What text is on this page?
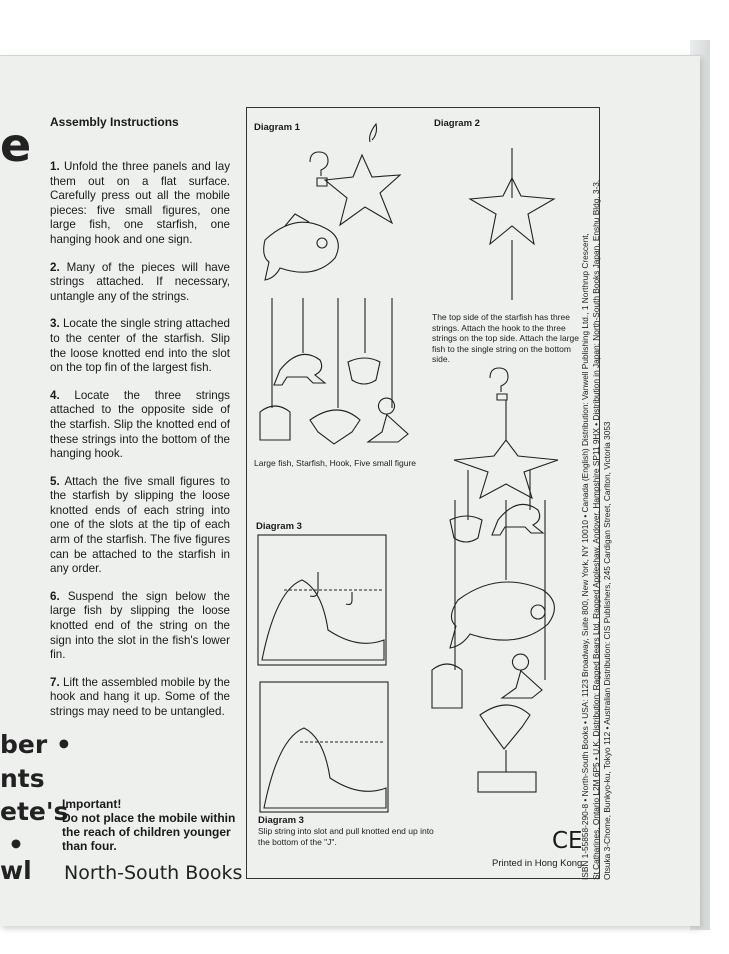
e
ber •
nts
ete's
•
wl
Assembly Instructions

1. Unfold the three panels and lay them out on a flat surface. Carefully press out all the mobile pieces: five small figures, one large fish, one starfish, one hanging hook and one sign.

2. Many of the pieces will have strings attached. If necessary, untangle any of the strings.

3. Locate the single string attached to the center of the starfish. Slip the loose knotted end into the slot on the top fin of the largest fish.

4. Locate the three strings attached to the opposite side of the starfish. Slip the knotted end of these strings into the bottom of the hanging hook.

5. Attach the five small figures to the starfish by slipping the loose knotted ends of each string into one of the slots at the tip of each arm of the starfish. The five figures can be attached to the starfish in any order.

6. Suspend the sign below the large fish by slipping the loose knotted end of the string on the sign into the slot in the fish's lower fin.

7. Lift the assembled mobile by the hook and hang it up. Some of the strings may need to be untangled.

Important!
Do not place the mobile within the reach of children younger than four.
North-South Books
Diagram 1	Diagram 2
Large fish, Starfish, Hook, Five small figure
The top side of the starfish has three strings. Attach the hook to the three strings on the top side. Attach the large fish to the single string on the bottom side.
Diagram 3
Diagram 3
Slip string into slot and pull knotted end up into the bottom of the "J".	CE
Printed in Hong Kong
ISBN 1-55858-290-8 • North-South Books • USA: 1123 Broadway, Suite 800, New York, NY 10010 • Canada (English) Distribution: Vanwell Publishing Ltd., 1 Northrup Crescent, St Catharines, Ontario L2M 6P5 • U.K. Distribution: Ragged Bears Ltd, Ragged Appleshaw, Andover, Hampshire SP11 9HX • Distribution in Japan: North-South Books Japan, Enshu Bldg. 3-3, Otsuka 3-Chome, Bunkyo-ku, Tokyo 112 • Australian Distribution: CIS Publishers, 245 Cardigan Street, Carlton, Victoria 3053
